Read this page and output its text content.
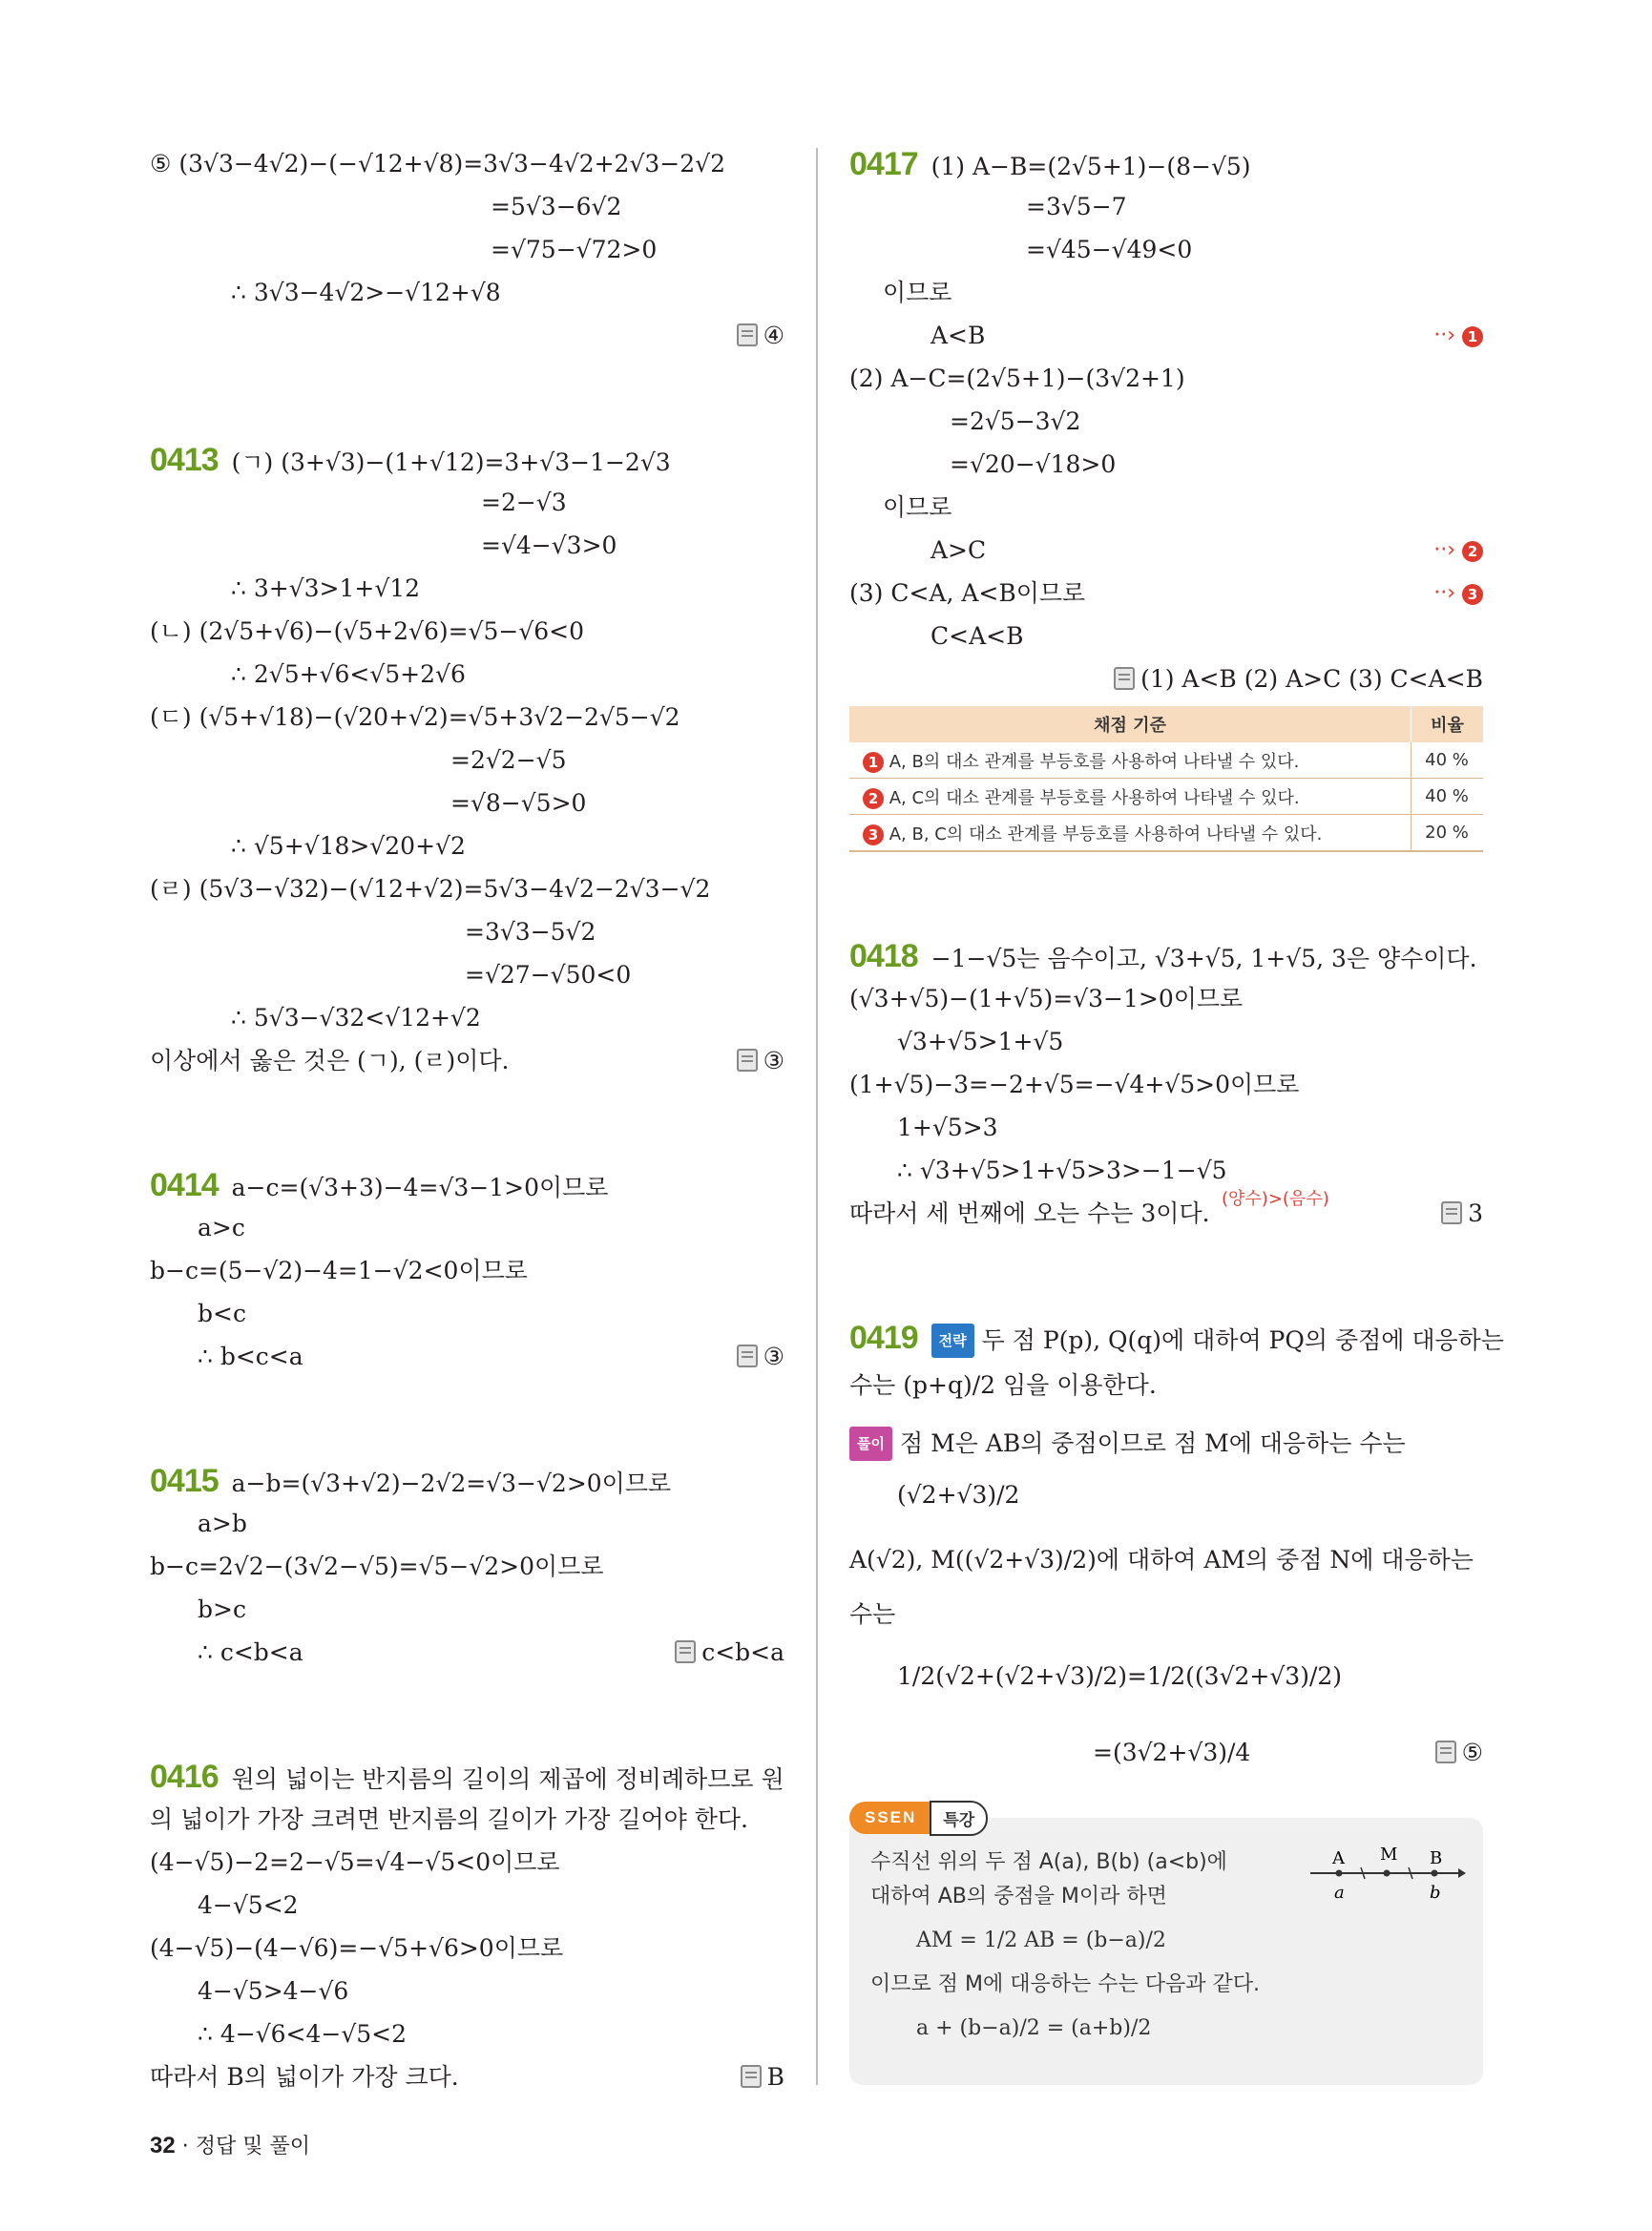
⑤ (3√3−4√2)−(−√12+√8)=3√3−4√2+2√3−2√2
=5√3−6√2
=√75−√72>0
∴ 3√3−4√2>−√12+√8
0413 (ㄱ) (3+√3)−(1+√12)=3+√3−1−2√3
=2−√3
=√4−√3>0
∴ 3+√3>1+√12
(ㄴ) (2√5+√6)−(√5+2√6)=√5−√6<0
∴ 2√5+√6<√5+2√6
(ㄷ) (√5+√18)−(√20+√2)=√5+3√2−2√5−√2
=2√2−√5
=√8−√5>0
∴ √5+√18>√20+√2
(ㄹ) (5√3−√32)−(√12+√2)=5√3−4√2−2√3−√2
=3√3−5√2
=√27−√50<0
∴ 5√3−√32<√12+√2
이상에서 옳은 것은 (ㄱ), (ㄹ)이다.
0414 a−c=(√3+3)−4=√3−1>0이므로
a>c
b−c=(5−√2)−4=1−√2<0이므로
b<c
∴ b<c<a
0415 a−b=(√3+√2)−2√2=√3−√2>0이므로
a>b
b−c=2√2−(3√2−√5)=√5−√2>0이므로
b>c
∴ c<b<a
0416 원의 넓이는 반지름의 길이의 제곱에 정비례하므로 원
의 넓이가 가장 크려면 반지름의 길이가 가장 길어야 한다.
(4−√5)−2=2−√5=√4−√5<0이므로
4−√5<2
(4−√5)−(4−√6)=−√5+√6>0이므로
4−√5>4−√6
∴ 4−√6<4−√5<2
따라서 B의 넓이가 가장 크다.
④
③
③
c<b<a
B
채점 기준	비율
1 A, B의 대소 관계를 부등호를 사용하여 나타낼 수 있다.	40 %
2 A, C의 대소 관계를 부등호를 사용하여 나타낼 수 있다.	40 %
3 A, B, C의 대소 관계를 부등호를 사용하여 나타낼 수 있다.	20 %
SSEN	특강
수직선 위의 두 점 A(a), B(b) (a<b)에
대하여 AB의 중점을 M이라 하면
AM = 1/2 AB = (b−a)/2
이므로 점 M에 대응하는 수는 다음과 같다.
a + (b−a)/2 = (a+b)/2
A M B
a	b
(양수)>(음수)
0417 (1) A−B=(2√5+1)−(8−√5)
=3√5−7
=√45−√49<0
이므로
A<B
(2) A−C=(2√5+1)−(3√2+1)
=2√5−3√2
=√20−√18>0
이므로
A>C
(3) C<A, A<B이므로
C<A<B
0418 −1−√5는 음수이고, √3+√5, 1+√5, 3은 양수이다.
(√3+√5)−(1+√5)=√3−1>0이므로
√3+√5>1+√5
(1+√5)−3=−2+√5=−√4+√5>0이므로
1+√5>3
∴ √3+√5>1+√5>3>−1−√5
따라서 세 번째에 오는 수는 3이다.
0419 전략 두 점 P(p), Q(q)에 대하여 PQ의 중점에 대응하는
수는 (p+q)/2 임을 이용한다.
풀이 점 M은 AB의 중점이므로 점 M에 대응하는 수는
(√2+√3)/2
A(√2), M((√2+√3)/2)에 대하여 AM의 중점 N에 대응하는
수는
1/2(√2+(√2+√3)/2)=1/2((3√2+√3)/2)
=(3√2+√3)/4
(1) A<B (2) A>C (3) C<A<B
3
⑤
··› 1
··› 2
··› 3
32 · 정답 및 풀이
